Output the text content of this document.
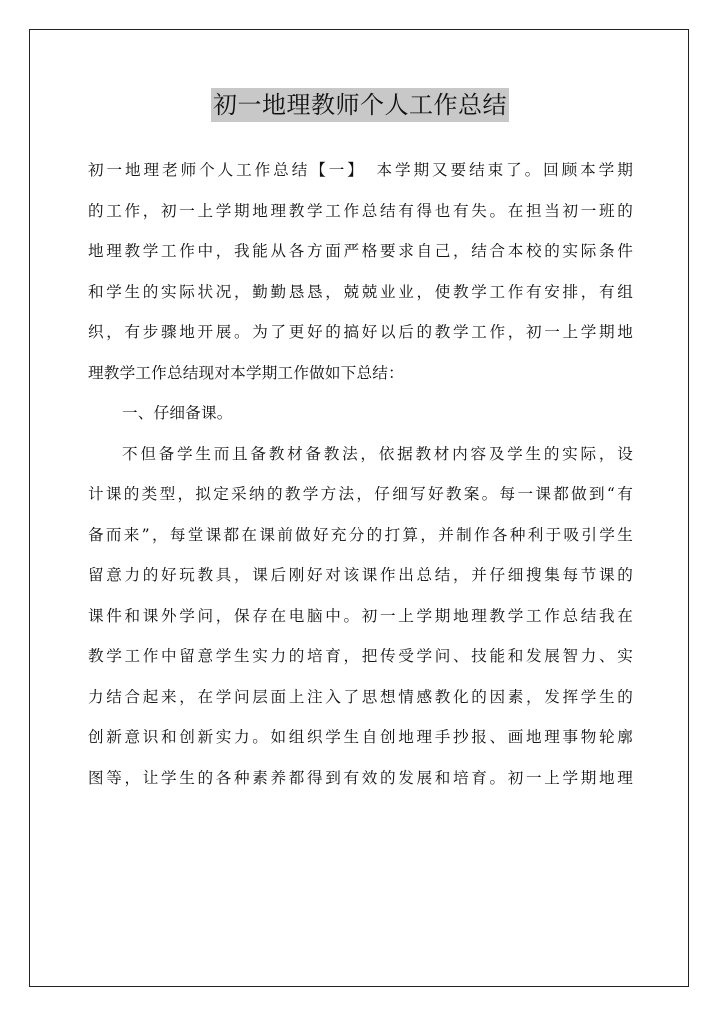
初一地理教师个人工作总结
初一地理老师个人工作总结【一】　本学期又要结束了。回顾本学期
的工作，初一上学期地理教学工作总结有得也有失。在担当初一班的
地理教学工作中，我能从各方面严格要求自己，结合本校的实际条件
和学生的实际状况，勤勤恳恳，兢兢业业，使教学工作有安排，有组
织，有步骤地开展。为了更好的搞好以后的教学工作，初一上学期地
理教学工作总结现对本学期工作做如下总结：
一、仔细备课。
不但备学生而且备教材备教法，依据教材内容及学生的实际，设
计课的类型，拟定采纳的教学方法，仔细写好教案。每一课都做到“有
备而来”，每堂课都在课前做好充分的打算，并制作各种利于吸引学生
留意力的好玩教具，课后刚好对该课作出总结，并仔细搜集每节课的
课件和课外学问，保存在电脑中。初一上学期地理教学工作总结我在
教学工作中留意学生实力的培育，把传受学问、技能和发展智力、实
力结合起来，在学问层面上注入了思想情感教化的因素，发挥学生的
创新意识和创新实力。如组织学生自创地理手抄报、画地理事物轮廓
图等，让学生的各种素养都得到有效的发展和培育。初一上学期地理
